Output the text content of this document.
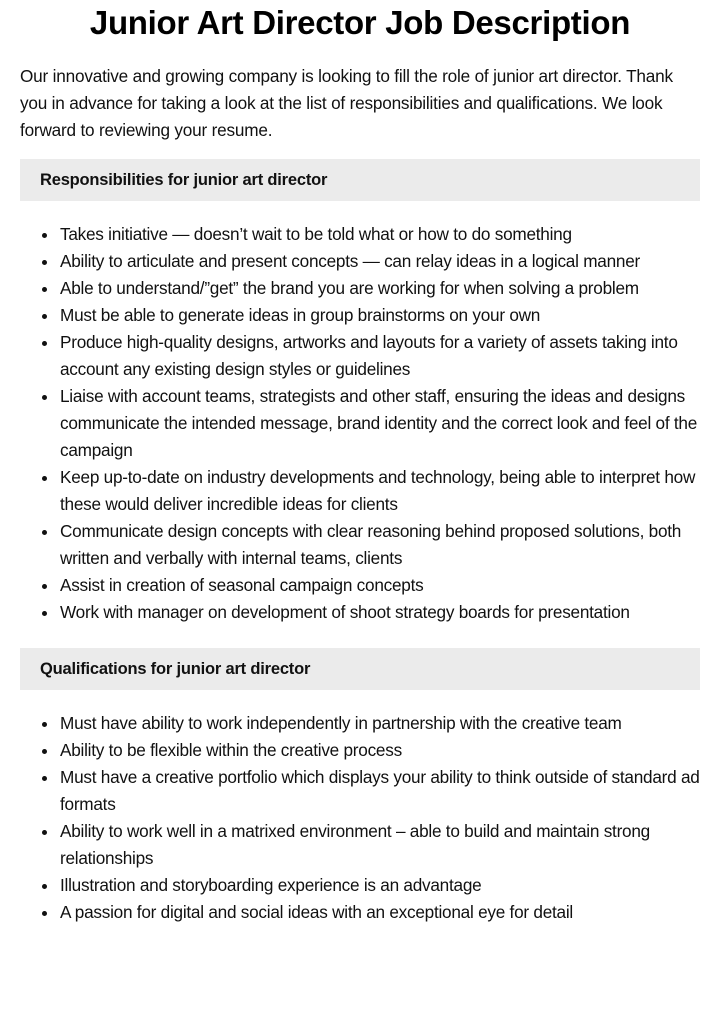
Junior Art Director Job Description

Our innovative and growing company is looking to fill the role of junior art director. Thank you in advance for taking a look at the list of responsibilities and qualifications. We look forward to reviewing your resume.

Responsibilities for junior art director
Takes initiative — doesn’t wait to be told what or how to do something
Ability to articulate and present concepts — can relay ideas in a logical manner
Able to understand/”get” the brand you are working for when solving a problem
Must be able to generate ideas in group brainstorms on your own
Produce high-quality designs, artworks and layouts for a variety of assets taking into account any existing design styles or guidelines
Liaise with account teams, strategists and other staff, ensuring the ideas and designs communicate the intended message, brand identity and the correct look and feel of the campaign
Keep up-to-date on industry developments and technology, being able to interpret how these would deliver incredible ideas for clients
Communicate design concepts with clear reasoning behind proposed solutions, both written and verbally with internal teams, clients
Assist in creation of seasonal campaign concepts
Work with manager on development of shoot strategy boards for presentation
Qualifications for junior art director
Must have ability to work independently in partnership with the creative team
Ability to be flexible within the creative process
Must have a creative portfolio which displays your ability to think outside of standard ad formats
Ability to work well in a matrixed environment – able to build and maintain strong relationships
Illustration and storyboarding experience is an advantage
A passion for digital and social ideas with an exceptional eye for detail
